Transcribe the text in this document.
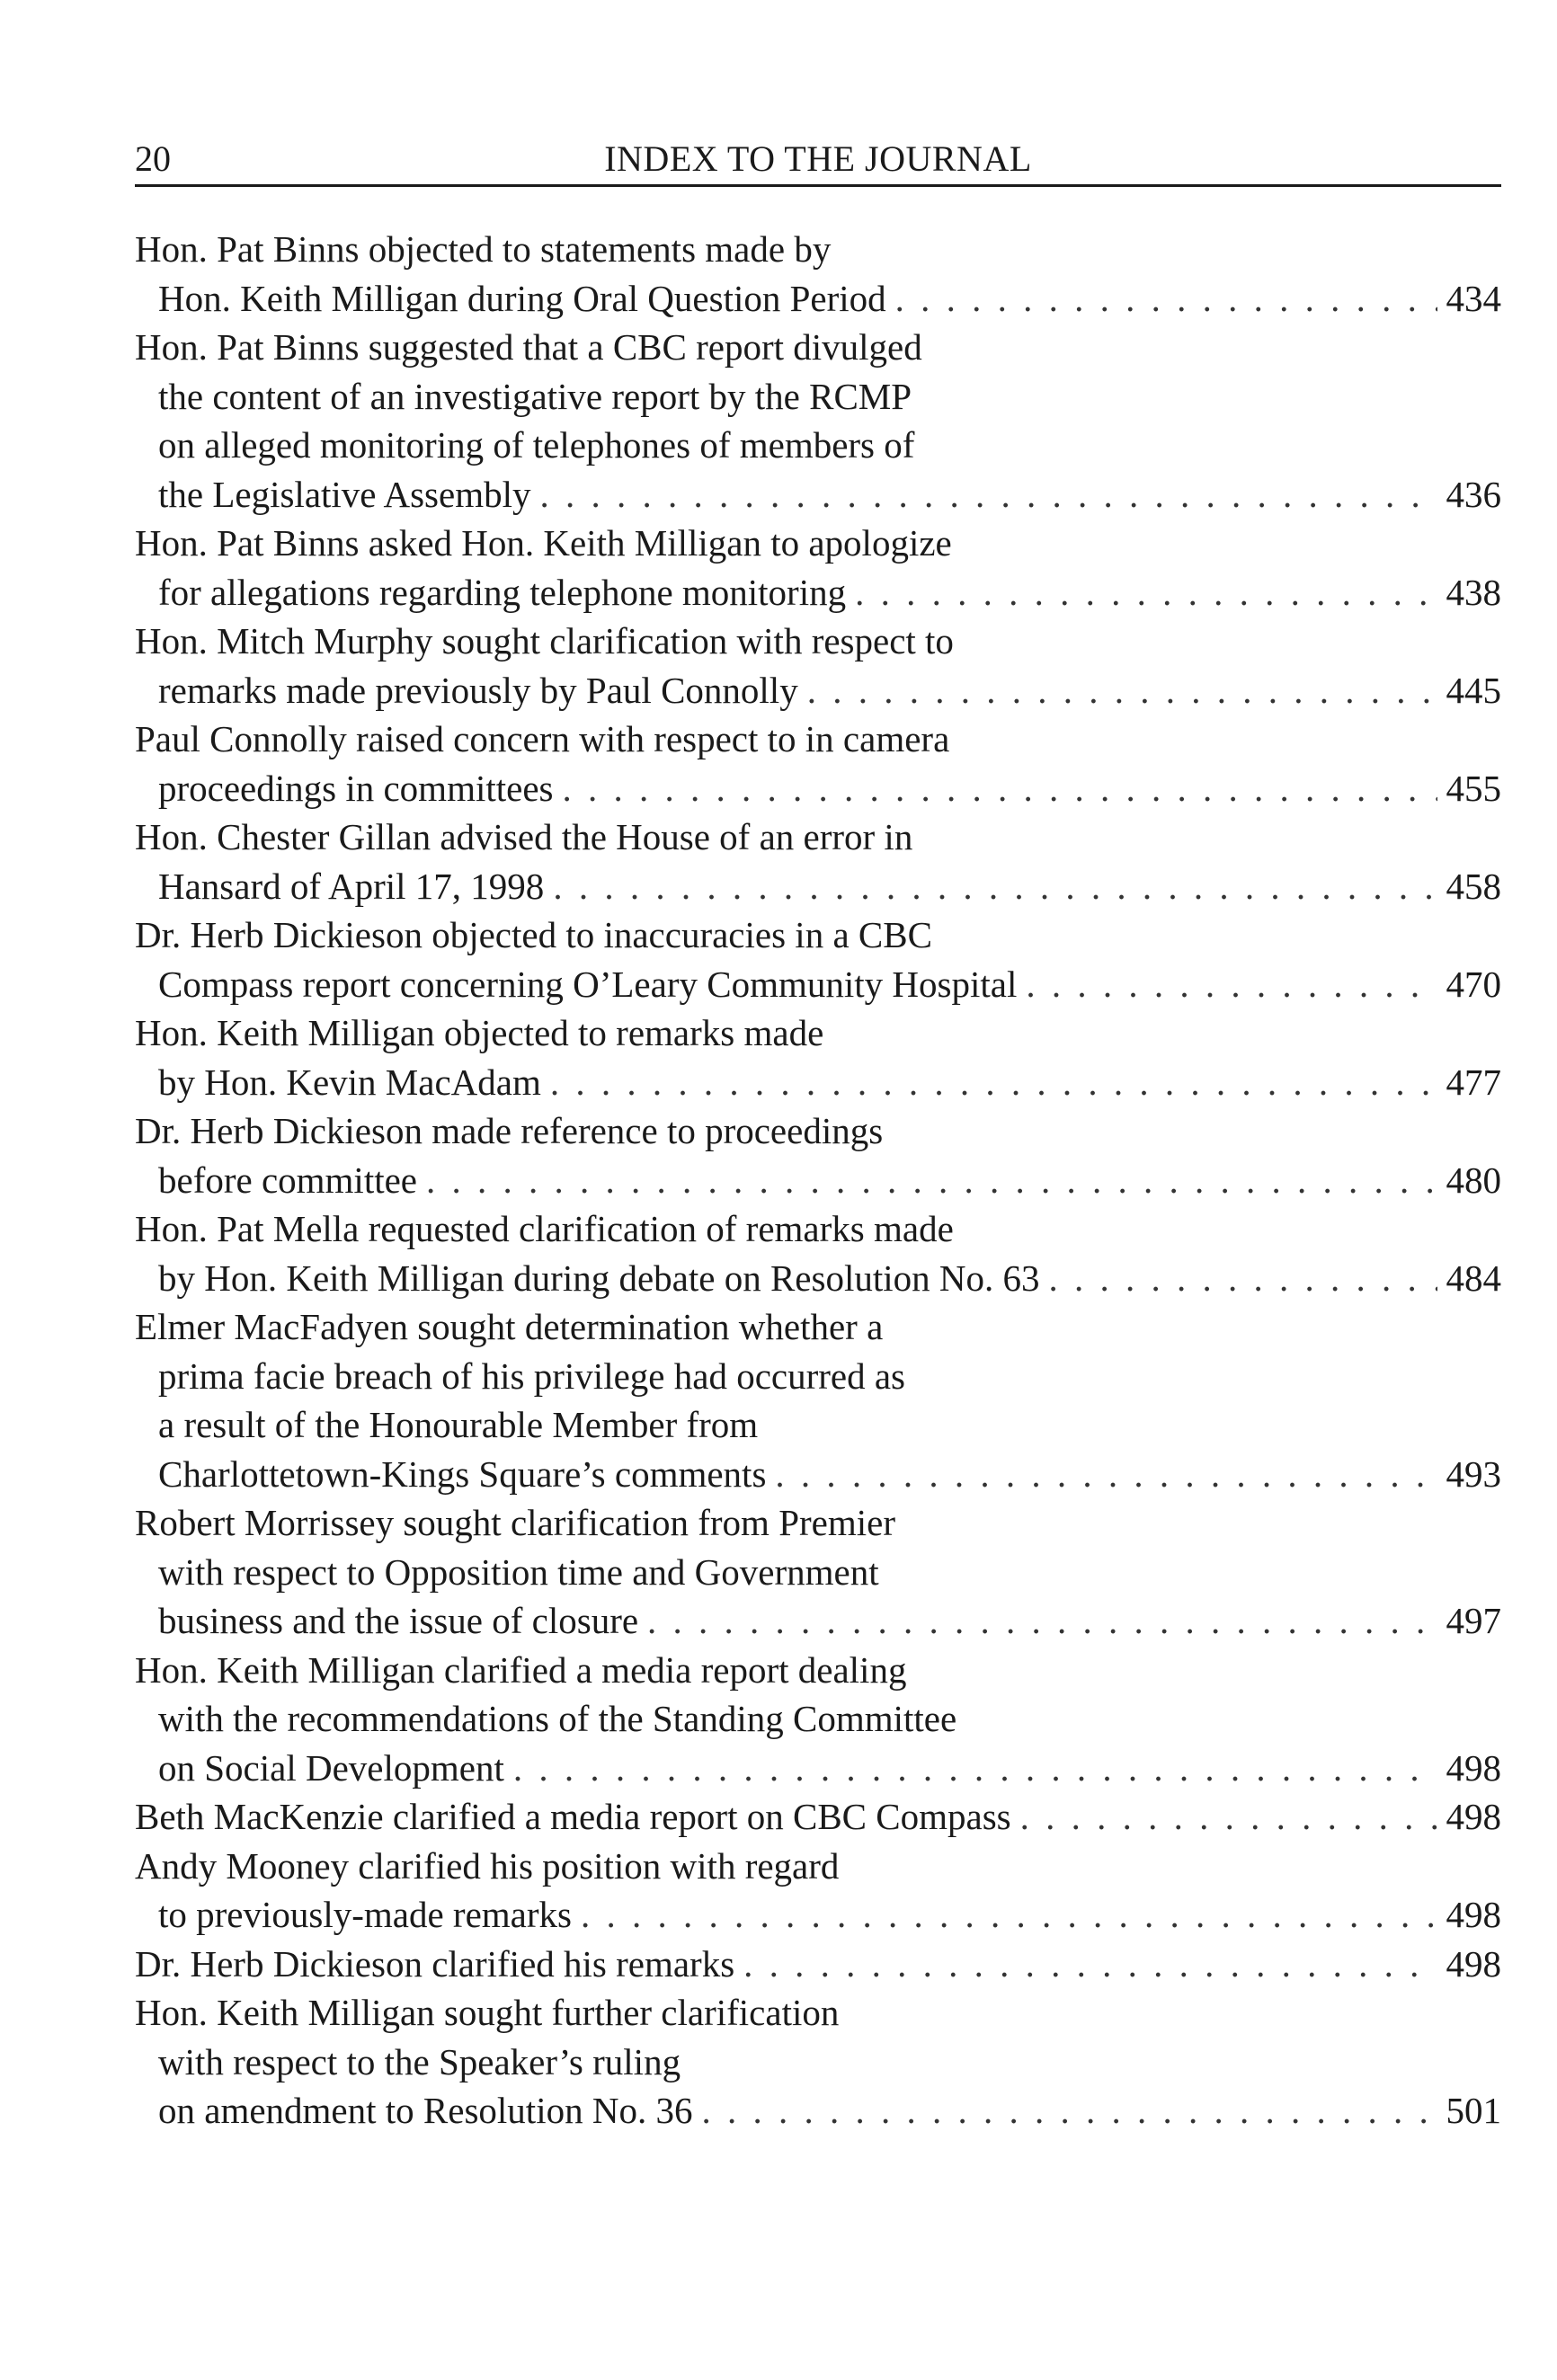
20	INDEX TO THE JOURNAL
Hon. Pat Binns objected to statements made by
Hon. Keith Milligan during Oral Question Period . . .	434
Hon. Pat Binns suggested that a CBC report divulged
the content of an investigative report by the RCMP
on alleged monitoring of telephones of members of
the Legislative Assembly . . .	436
Hon. Pat Binns asked Hon. Keith Milligan to apologize
for allegations regarding telephone monitoring . . .	438
Hon. Mitch Murphy sought clarification with respect to
remarks made previously by Paul Connolly . . .	445
Paul Connolly raised concern with respect to in camera
proceedings in committees . . .	455
Hon. Chester Gillan advised the House of an error in
Hansard of April 17, 1998 . . .	458
Dr. Herb Dickieson objected to inaccuracies in a CBC
Compass report concerning O’Leary Community Hospital . . .	470
Hon. Keith Milligan objected to remarks made
by Hon. Kevin MacAdam . . .	477
Dr. Herb Dickieson made reference to proceedings
before committee . . .	480
Hon. Pat Mella requested clarification of remarks made
by Hon. Keith Milligan during debate on Resolution No. 63 . . .	484
Elmer MacFadyen sought determination whether a
prima facie breach of his privilege had occurred as
a result of the Honourable Member from
Charlottetown-Kings Square’s comments . . .	493
Robert Morrissey sought clarification from Premier
with respect to Opposition time and Government
business and the issue of closure . . .	497
Hon. Keith Milligan clarified a media report dealing
with the recommendations of the Standing Committee
on Social Development . . .	498
Beth MacKenzie clarified a media report on CBC Compass . . .	498
Andy Mooney clarified his position with regard
to previously-made remarks . . .	498
Dr. Herb Dickieson clarified his remarks . . .	498
Hon. Keith Milligan sought further clarification
with respect to the Speaker’s ruling
on amendment to Resolution No. 36 . . .	501
